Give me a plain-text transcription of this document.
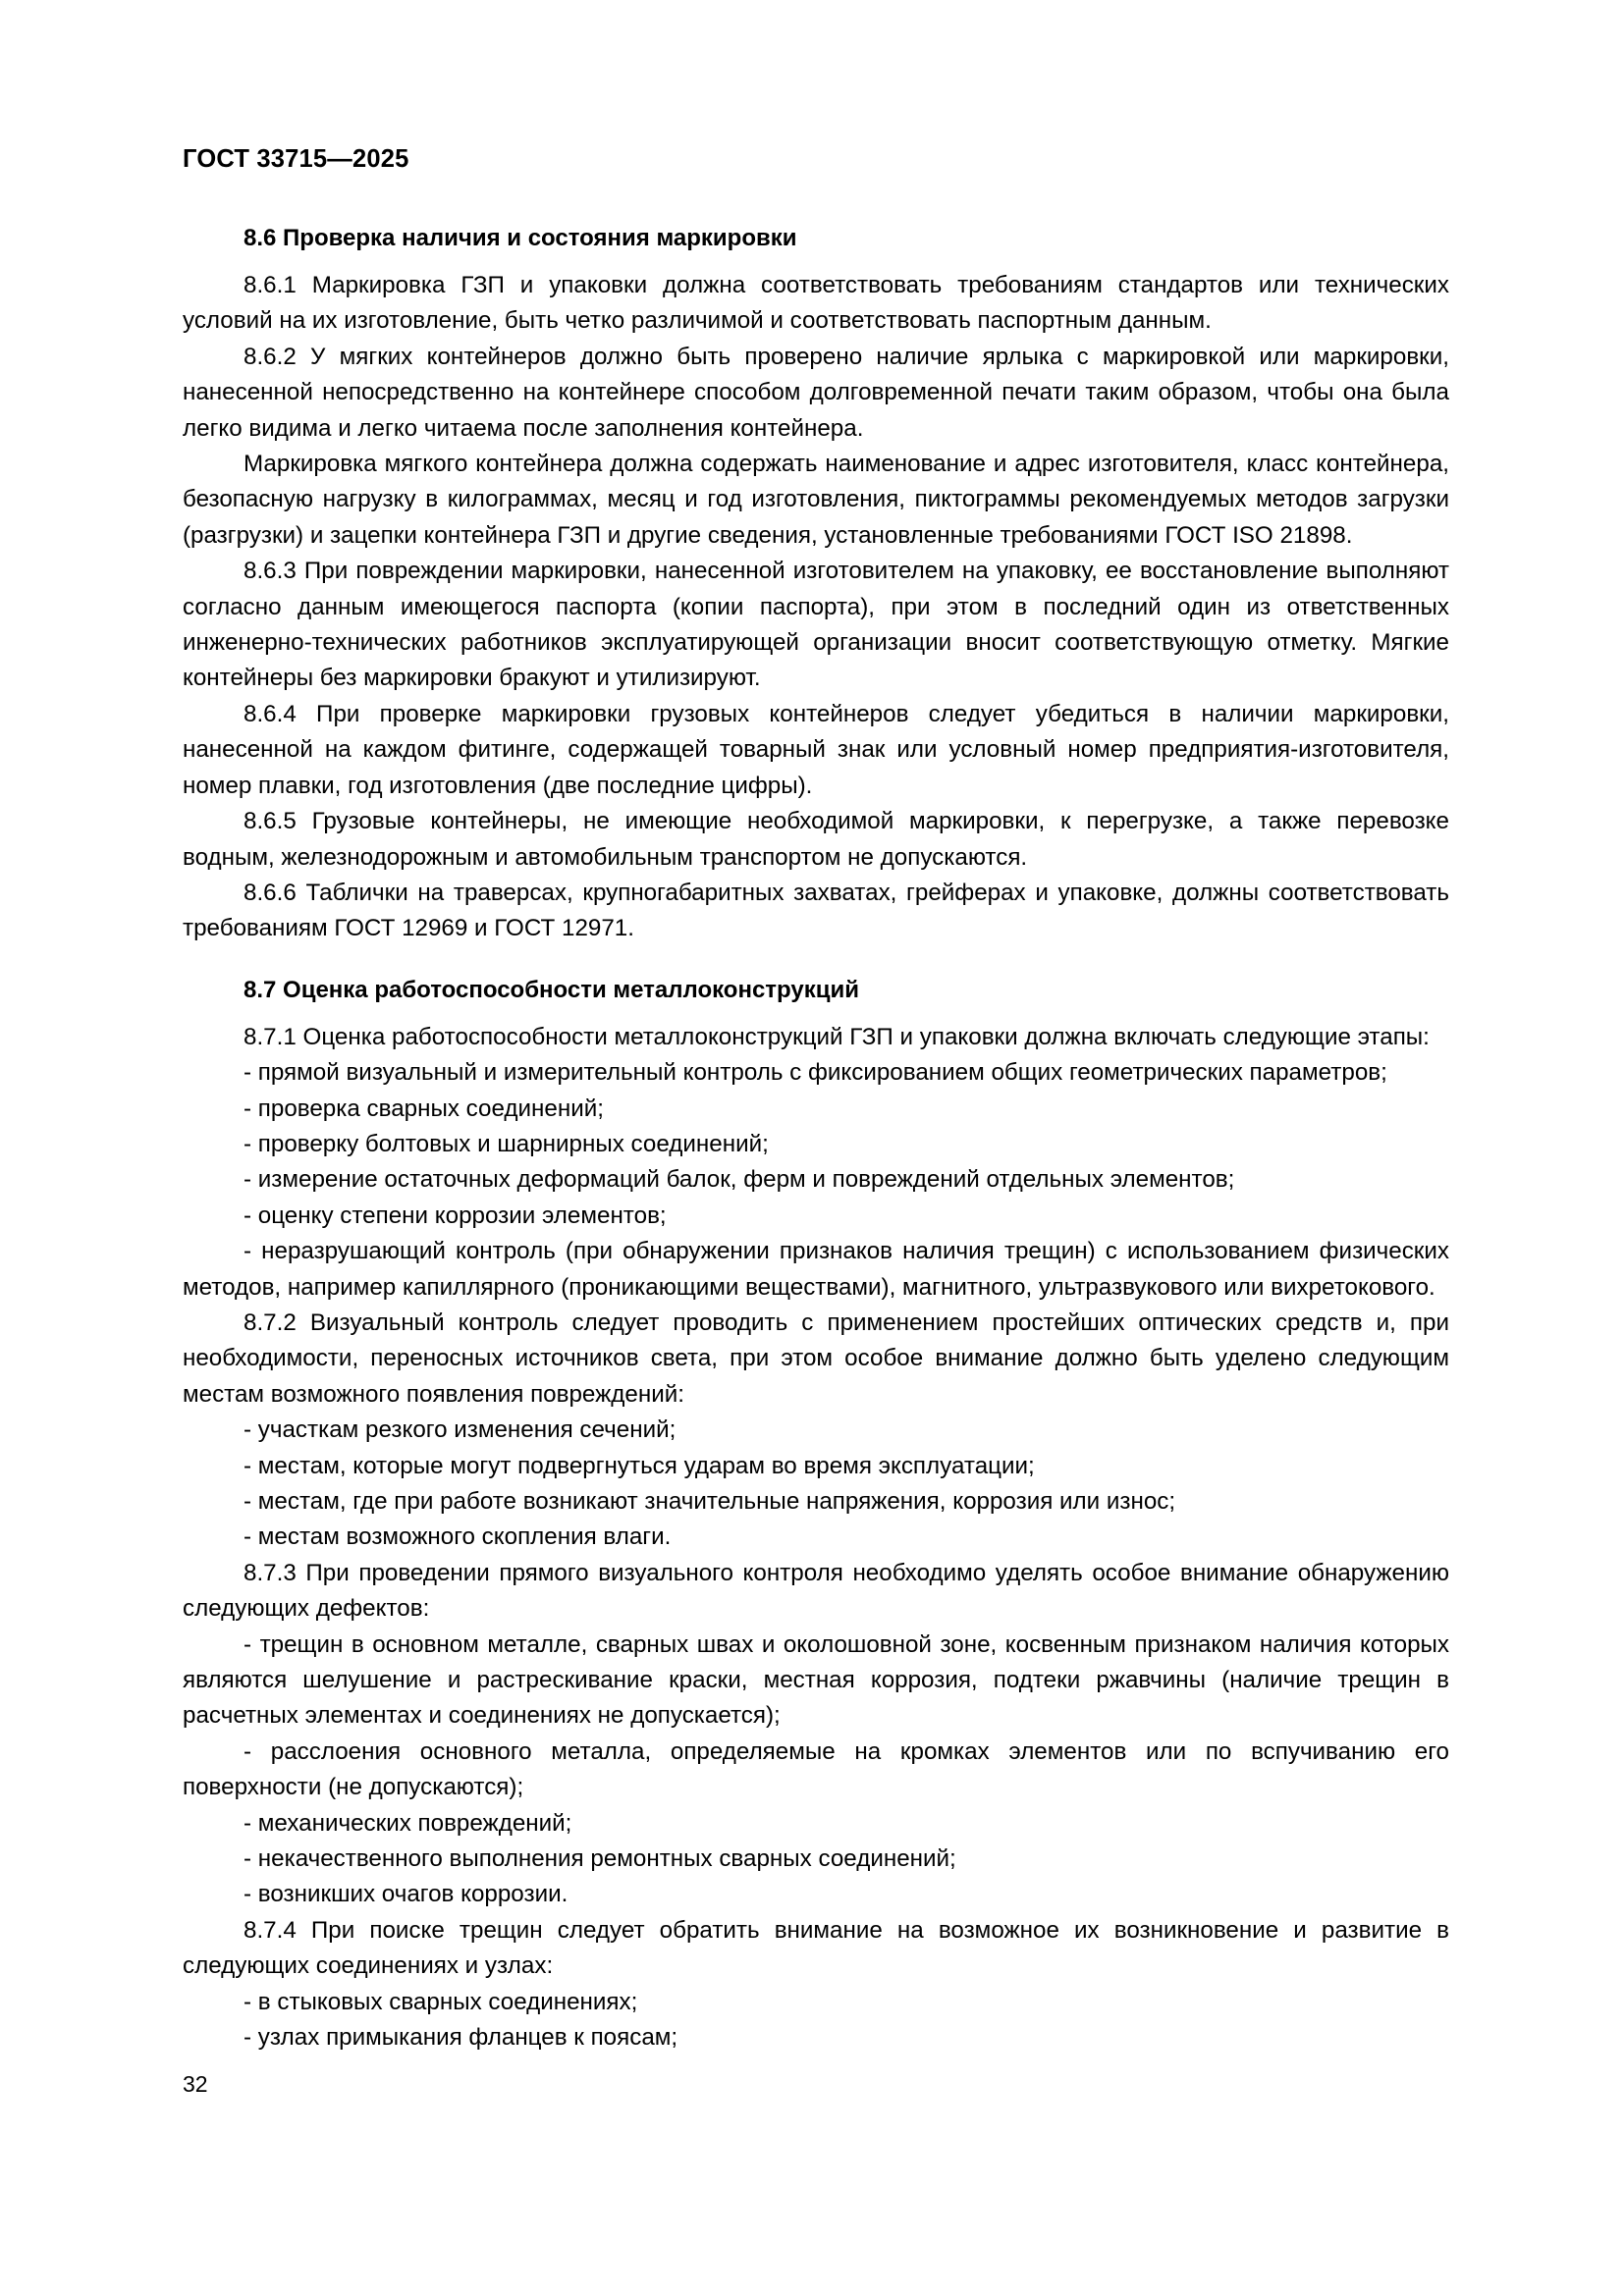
ГОСТ 33715—2025
8.6 Проверка наличия и состояния маркировки

8.6.1 Маркировка ГЗП и упаковки должна соответствовать требованиям стандартов или технических условий на их изготовление, быть четко различимой и соответствовать паспортным данным.

8.6.2 У мягких контейнеров должно быть проверено наличие ярлыка с маркировкой или маркировки, нанесенной непосредственно на контейнере способом долговременной печати таким образом, чтобы она была легко видима и легко читаема после заполнения контейнера.

Маркировка мягкого контейнера должна содержать наименование и адрес изготовителя, класс контейнера, безопасную нагрузку в килограммах, месяц и год изготовления, пиктограммы рекомендуемых методов загрузки (разгрузки) и зацепки контейнера ГЗП и другие сведения, установленные требованиями ГОСТ ISO 21898.

8.6.3 При повреждении маркировки, нанесенной изготовителем на упаковку, ее восстановление выполняют согласно данным имеющегося паспорта (копии паспорта), при этом в последний один из ответственных инженерно-технических работников эксплуатирующей организации вносит соответствующую отметку. Мягкие контейнеры без маркировки бракуют и утилизируют.

8.6.4 При проверке маркировки грузовых контейнеров следует убедиться в наличии маркировки, нанесенной на каждом фитинге, содержащей товарный знак или условный номер предприятия-изготовителя, номер плавки, год изготовления (две последние цифры).

8.6.5 Грузовые контейнеры, не имеющие необходимой маркировки, к перегрузке, а также перевозке водным, железнодорожным и автомобильным транспортом не допускаются.

8.6.6 Таблички на траверсах, крупногабаритных захватах, грейферах и упаковке, должны соответствовать требованиям ГОСТ 12969 и ГОСТ 12971.

8.7 Оценка работоспособности металлоконструкций

8.7.1 Оценка работоспособности металлоконструкций ГЗП и упаковки должна включать следующие этапы:

- прямой визуальный и измерительный контроль с фиксированием общих геометрических параметров;

- проверка сварных соединений;

- проверку болтовых и шарнирных соединений;

- измерение остаточных деформаций балок, ферм и повреждений отдельных элементов;

- оценку степени коррозии элементов;

- неразрушающий контроль (при обнаружении признаков наличия трещин) с использованием физических методов, например капиллярного (проникающими веществами), магнитного, ультразвукового или вихретокового.

8.7.2 Визуальный контроль следует проводить с применением простейших оптических средств и, при необходимости, переносных источников света, при этом особое внимание должно быть уделено следующим местам возможного появления повреждений:

- участкам резкого изменения сечений;

- местам, которые могут подвергнуться ударам во время эксплуатации;

- местам, где при работе возникают значительные напряжения, коррозия или износ;

- местам возможного скопления влаги.

8.7.3 При проведении прямого визуального контроля необходимо уделять особое внимание обнаружению следующих дефектов:

- трещин в основном металле, сварных швах и околошовной зоне, косвенным признаком наличия которых являются шелушение и растрескивание краски, местная коррозия, подтеки ржавчины (наличие трещин в расчетных элементах и соединениях не допускается);

- расслоения основного металла, определяемые на кромках элементов или по вспучиванию его поверхности (не допускаются);

- механических повреждений;

- некачественного выполнения ремонтных сварных соединений;

- возникших очагов коррозии.

8.7.4 При поиске трещин следует обратить внимание на возможное их возникновение и развитие в следующих соединениях и узлах:

- в стыковых сварных соединениях;

- узлах примыкания фланцев к поясам;

32
